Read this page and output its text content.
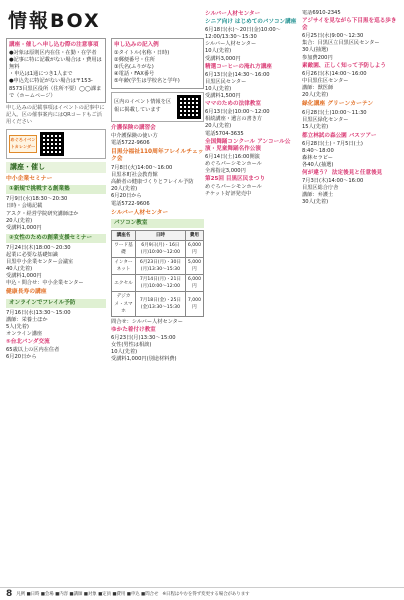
情報BOX
講座・催しへ申し込む際の注意事項
●対象は原則区内在住・在勤・在学者
●記事に特に記載がない場合は・費用は無料
・申込は1通につき1人まで
●申込先に特記がない場合は〒153-8573目黒区役所（住所不要）◯◯課まで（ホームページ）
申し込みの記載事項はイベントの記事中に記入。区の催事案内にはQRコードもご活用ください
めぐろイベントカレンダー
講座・催し
中小企業セミナー
①新規で挑戦する創業塾
7月9日(水)18:30～20:30
日時・会場記載
アスク・経営学院研究講師ほか
20人(先着)
受講料1,000円
②女性のための創業支援セミナー
7月24日(木)18:00～20:30
起業に必要な基礎知識
目黒中小企業センター会議室
40人(先着)
受講料1,000円
申込・問合せ：中小企業センター
健康長寿の講座
オンラインでフレイル予防
7月16日(水)13:30～15:00
講師：栄養士ほか
5人(先着)
オンライン講座
⑤台北パンダ交流
65歳以上の区内在住者
6月20日から
申し込みの記入例
①タイトル(名称・日時)
②郵便番号・住所
③氏名(ふりがな)
④電話・FAX番号
⑤年齢(学生は学校名と学年)
区内のイベント情報を区報に掲載しています
介護保険の講習会
中介護保険の使い方
電話5722-9606
目黒分福祉110周年フレイルチェック会
7月8日(火)14:00～16:00
目黒本町社会教育館
高齢者の健康づくりとフレイル予防
20人(先着)
6月20日から
電話5722-9606
シルバー人材センター
パソコン教室
講座名	日時	費用
ワード基礎	6月9日(月)・16日(月)10:00～12:00	6,000円
インターネット	6月23日(月)・30日(月)13:30～15:30	5,000円
エクセル	7月14日(月)・21日(月)10:00～12:00	6,000円
デジカメ・スマホ	7月18日(金)・25日(金)13:30～15:30	7,000円
問合せ：シルバー人材センター
ゆかた着付け教室
6月23日(月)13:30～15:00
女性(男性は相談)
10人(先着)
受講料1,000円(別途材料費)
シルバー人材センター
シニア向け はじめてのパソコン講座
6月18日(水)～20日(金)10:00～12:00/13:30～15:30
シルバー人材センター
10人(先着)
受講料3,000円
精選コーヒーの淹れ方講座
6月13日(金)14:30～16:00
目黒区民センター
10人(先着)
受講料1,500円
ママのための法律教室
6月13日(金)10:00～12:00
相続講座・遺言の書き方
20人(先着)
電話5704-3635
全国舞踊コンクール アンコール公演・児童舞踊名作公演
6月14日(土)16:00開演
めぐろパーシモンホール
全席指定3,000円
第25回 目黒区民まつり
めぐろパーシモンホール
チケット好評発売中
電話6910-2345
アジサイを見ながら下目黒を巡る歩き会
6月25日(水)9:00～12:30
集合：目黒区立目黒区民センター
30人(抽選)
参加費200円
素敵園、正しく知って予防しよう
6月26日(木)14:00～16:00
中目黒住区センター
講師：獣医師
20人(先着)
緑化講座 グリーンカーテン
6月28日(土)10:00～11:30
目黒区緑化センター
15人(先着)
都立林試の森公園 バスツアー
6月28日(土)・7月5日(土)
8:40～18:00
森林セラピー
各40人(抽選)
何が違う？ 法定後見と任意後見
7月3日(木)14:00～16:00
目黒区総合庁舎
講師：弁護士
30人(先着)
8 凡例 ■日時 ■会場 ■内容 ■講師 ■対象 ■定員 ■費用 ■申込 ■問合せ ※日程はやむを得ず変更する場合があります
